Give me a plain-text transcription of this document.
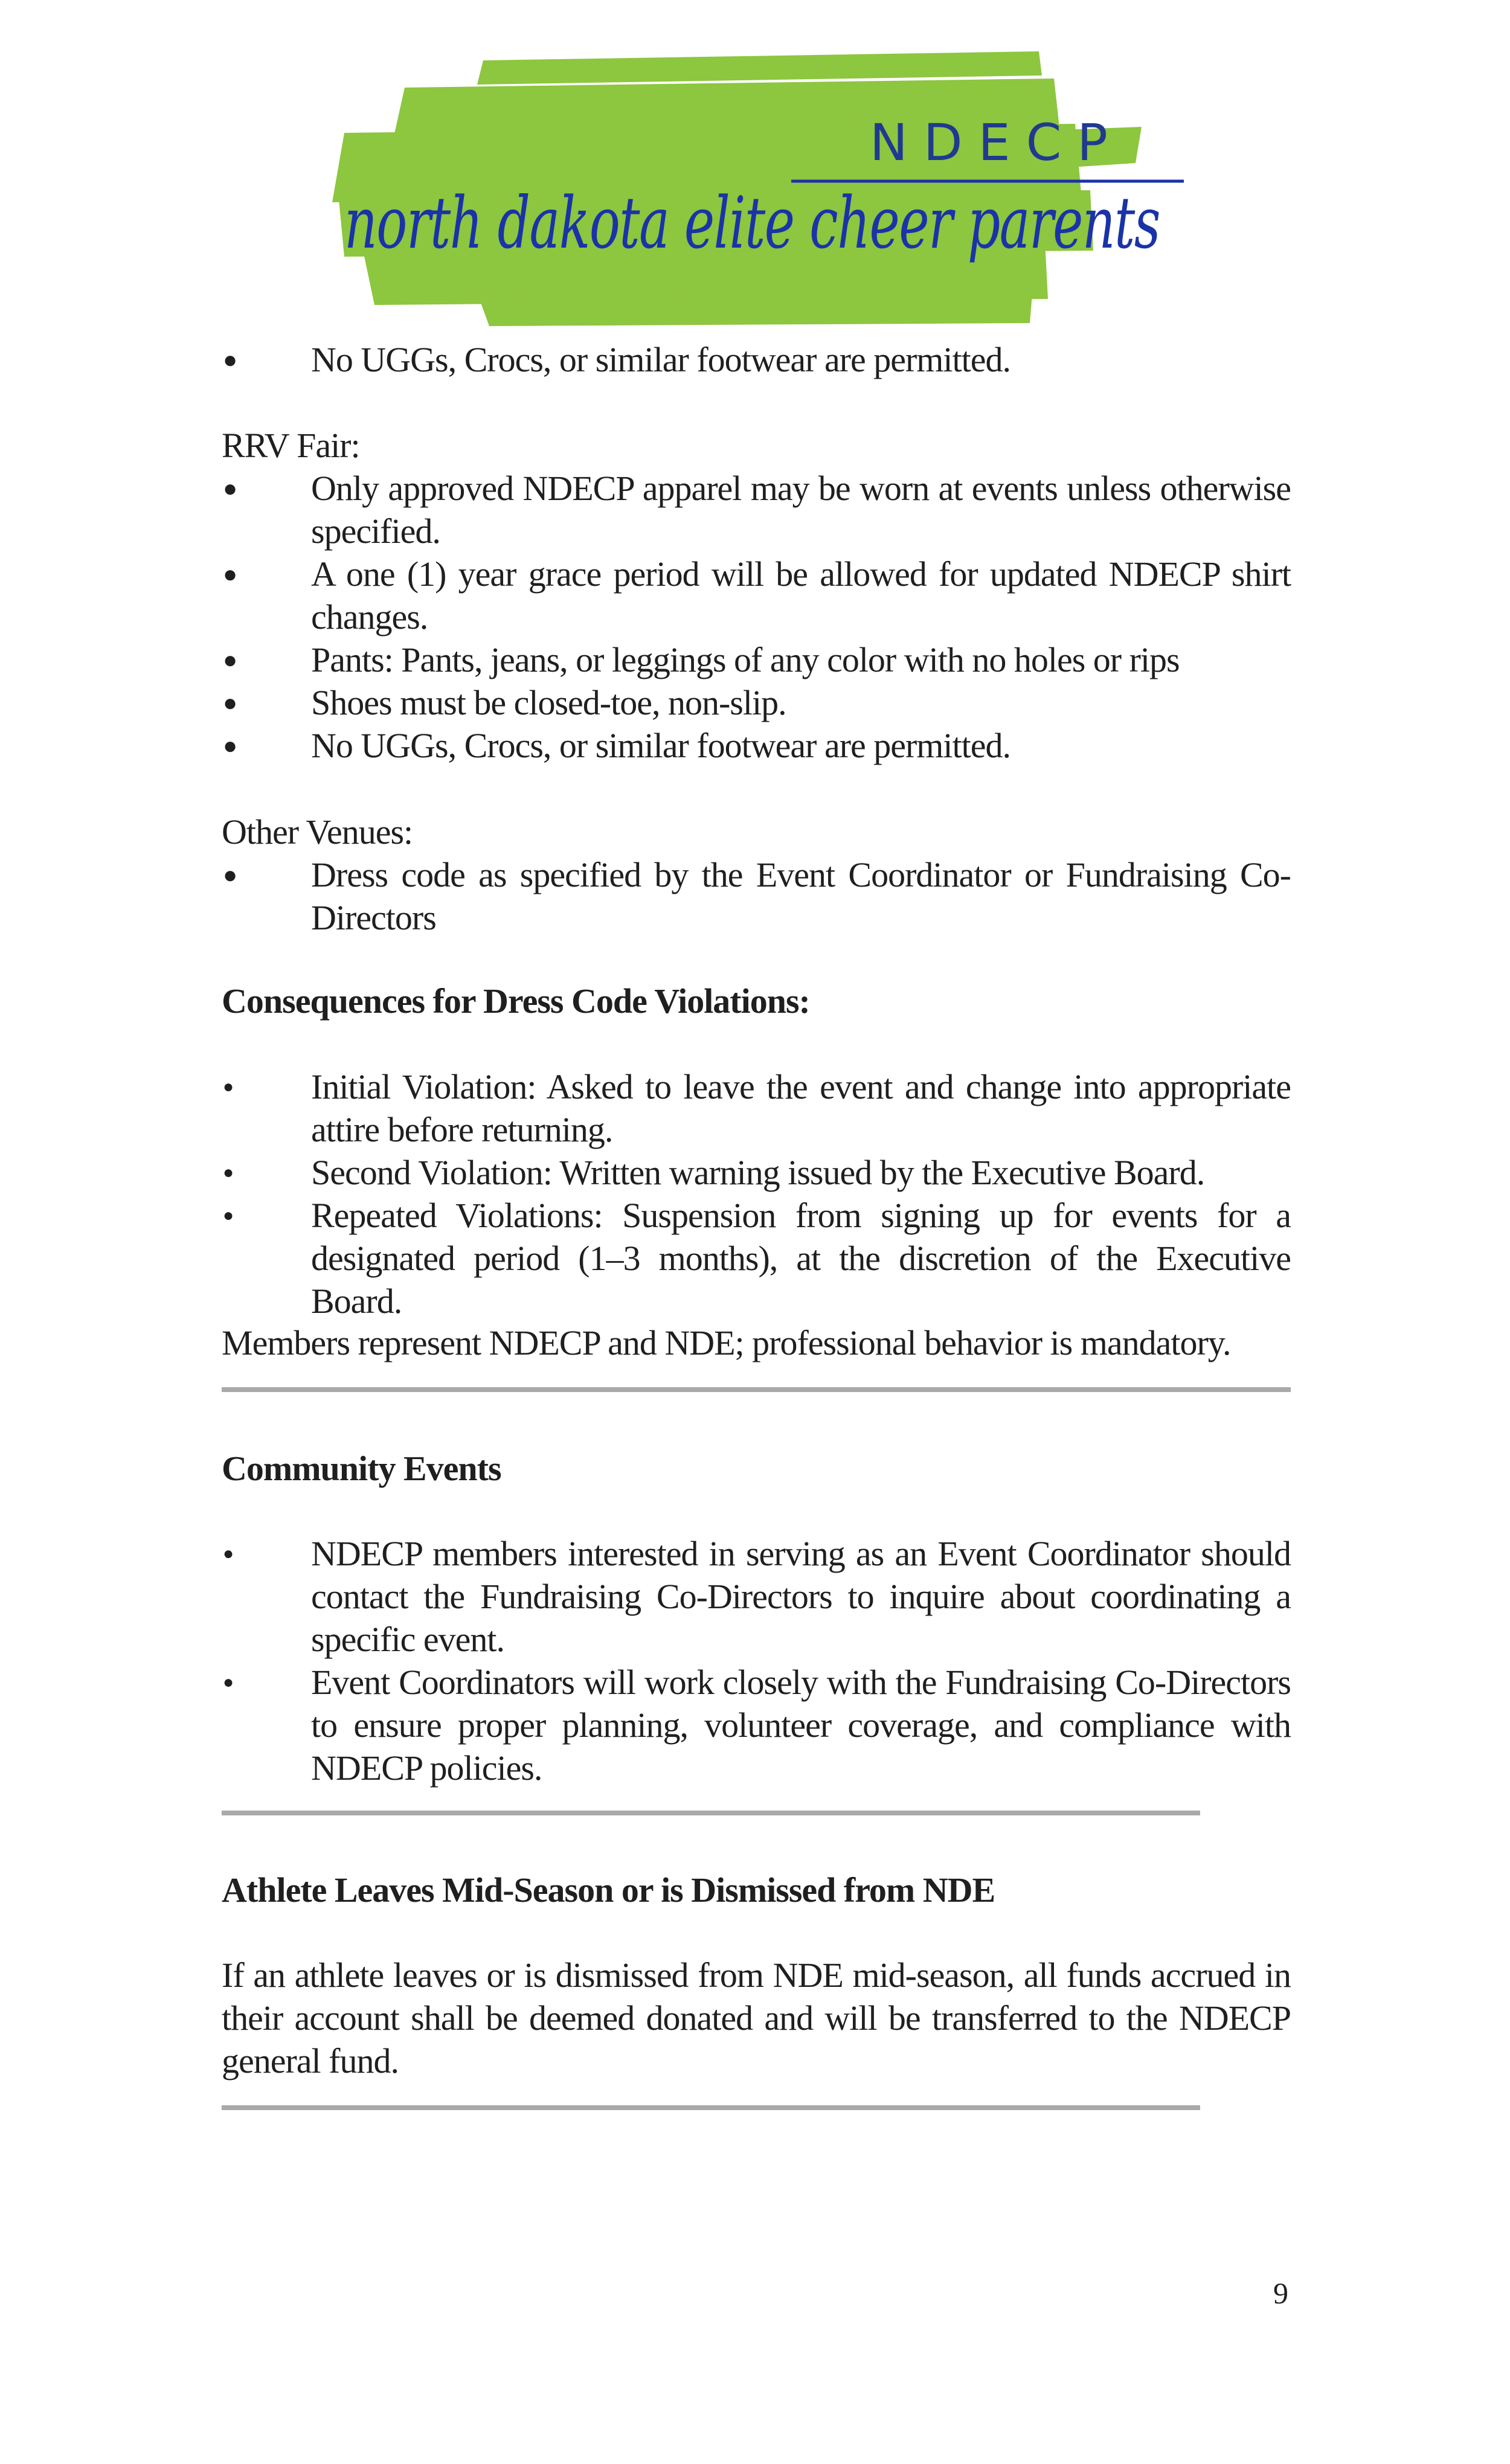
NDECP
north dakota elite cheer parents
● No UGGs, Crocs, or similar footwear are permitted.

RRV Fair:

● Only approved NDECP apparel may be worn at events unless otherwise specified.
● A one (1) year grace period will be allowed for updated NDECP shirt changes.
● Pants: Pants, jeans, or leggings of any color with no holes or rips
● Shoes must be closed-toe, non-slip.
● No UGGs, Crocs, or similar footwear are permitted.

Other Venues:

● Dress code as specified by the Event Coordinator or Fundraising Co-Directors

Consequences for Dress Code Violations:

● Initial Violation: Asked to leave the event and change into appropriate attire before returning.
● Second Violation: Written warning issued by the Executive Board.
● Repeated Violations: Suspension from signing up for events for a designated period (1–3 months), at the discretion of the Executive Board.

Members represent NDECP and NDE; professional behavior is mandatory.

Community Events

● NDECP members interested in serving as an Event Coordinator should contact the Fundraising Co-Directors to inquire about coordinating a specific event.
● Event Coordinators will work closely with the Fundraising Co-Directors to ensure proper planning, volunteer coverage, and compliance with NDECP policies.

Athlete Leaves Mid-Season or is Dismissed from NDE

If an athlete leaves or is dismissed from NDE mid-season, all funds accrued in their account shall be deemed donated and will be transferred to the NDECP general fund.

9
